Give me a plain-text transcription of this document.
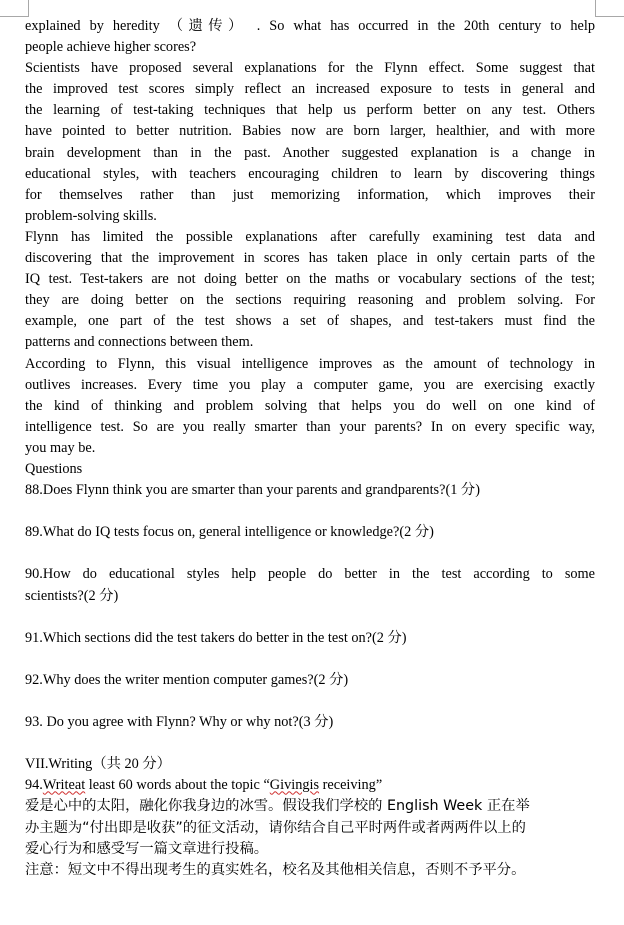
explained by heredity （遗传） . So what has occurred in the 20th century to help

people achieve higher scores?

Scientists have proposed several explanations for the Flynn effect. Some suggest that

the improved test scores simply reflect an increased exposure to tests in general and

the learning of test-taking techniques that help us perform better on any test. Others

have pointed to better nutrition. Babies now are born larger, healthier, and with more

brain development than in the past. Another suggested explanation is a change in

educational styles, with teachers encouraging children to learn by discovering things

for themselves rather than just memorizing information, which improves their

problem-solving skills.

Flynn has limited the possible explanations after carefully examining test data and

discovering that the improvement in scores has taken place in only certain parts of the

IQ test. Test-takers are not doing better on the maths or vocabulary sections of the test;

they are doing better on the sections requiring reasoning and problem solving. For

example, one part of the test shows a set of shapes, and test-takers must find the

patterns and connections between them.

According to Flynn, this visual intelligence improves as the amount of technology in

outlives increases. Every time you play a computer game, you are exercising exactly

the kind of thinking and problem solving that helps you do well on one kind of

intelligence test. So are you really smarter than your parents? In on every specific way,

you may be.

Questions

88.Does Flynn think you are smarter than your parents and grandparents?(1 分)

89.What do IQ tests focus on, general intelligence or knowledge?(2 分)

90.How do educational styles help people do better in the test according to some

scientists?(2 分)

91.Which sections did the test takers do better in the test on?(2 分)

92.Why does the writer mention computer games?(2 分)

93. Do you agree with Flynn? Why or why not?(3 分)

VII.Writing（共 20 分）

94.Writeat least 60 words about the topic “Givingis receiving”

爱是心中的太阳，融化你我身边的冰雪。假设我们学校的 English Week 正在举

办主题为“付出即是收获”的征文活动，请你结合自己平时两件或者两两件以上的

爱心行为和感受写一篇文章进行投稿。

注意：短文中不得出现考生的真实姓名，校名及其他相关信息，否则不予平分。
